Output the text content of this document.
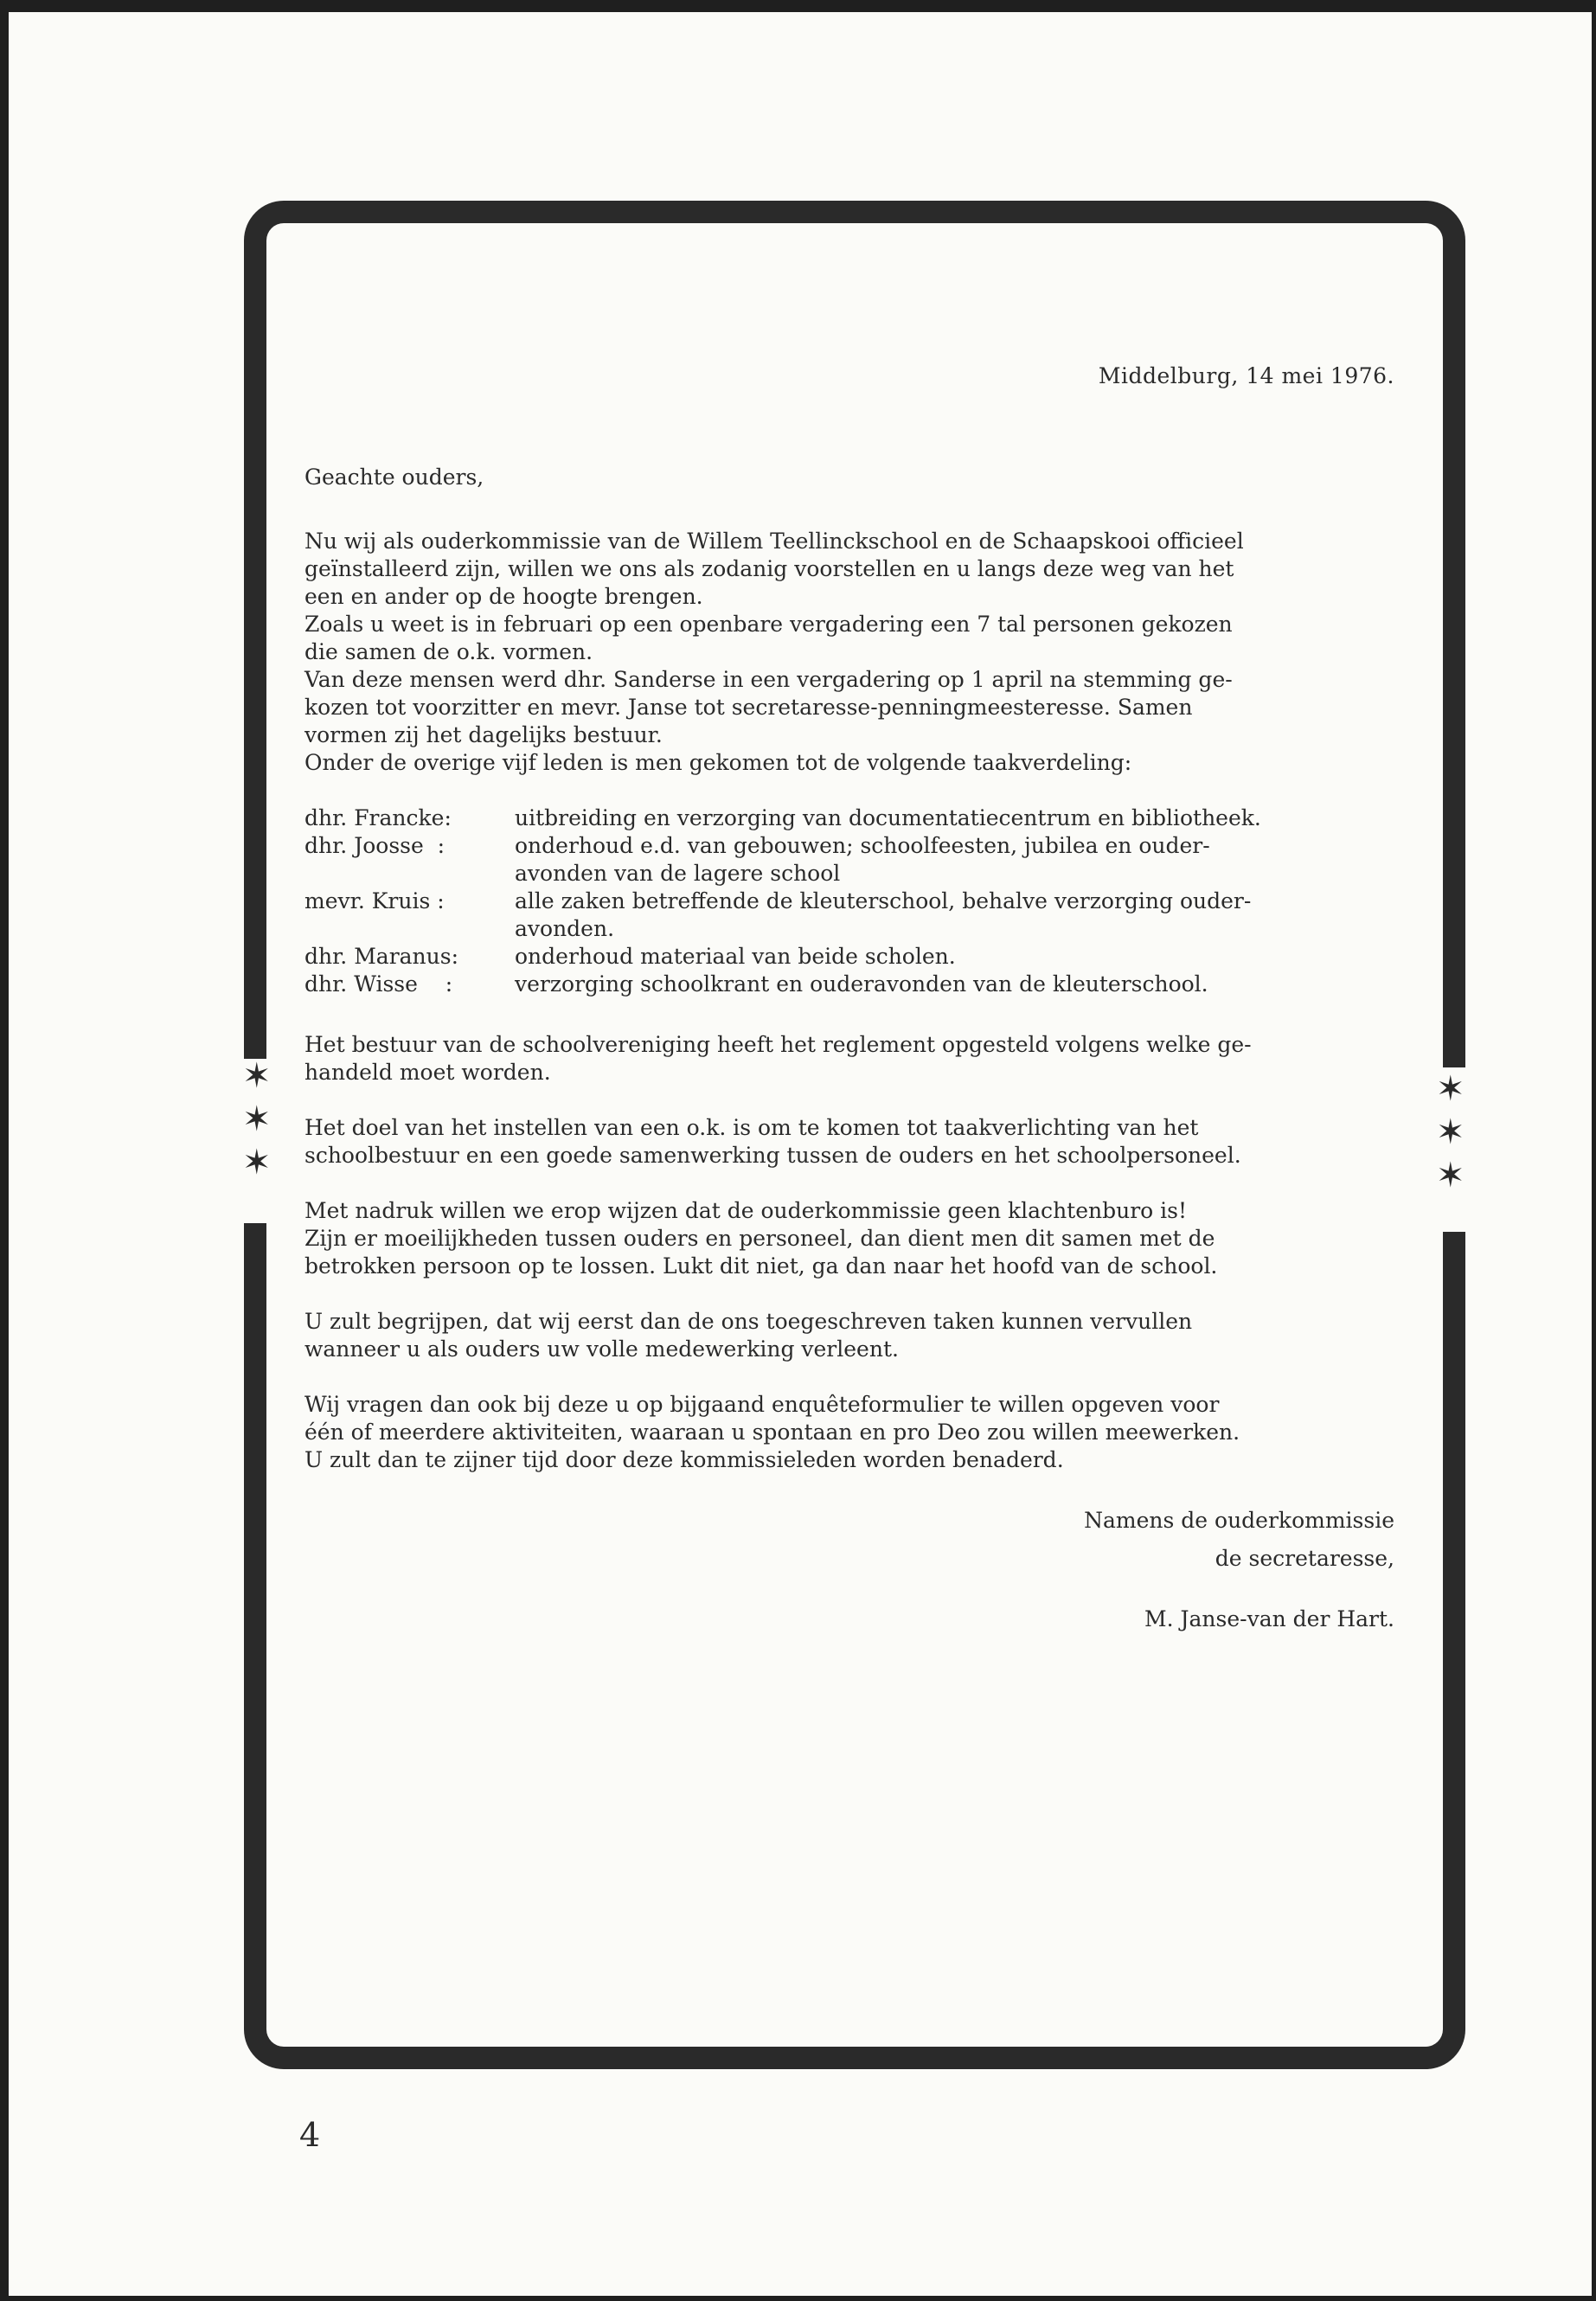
✶
✶
✶
✶
✶
✶
Middelburg, 14 mei 1976.
Geachte ouders,

Nu wij als ouderkommissie van de Willem Teellinckschool en de Schaapskooi officieel

geïnstalleerd zijn, willen we ons als zodanig voorstellen en u langs deze weg van het

een en ander op de hoogte brengen.

Zoals u weet is in februari op een openbare vergadering een 7 tal personen gekozen

die samen de o.k. vormen.

Van deze mensen werd dhr. Sanderse in een vergadering op 1 april na stemming ge-

kozen tot voorzitter en mevr. Janse tot secretaresse-penningmeesteresse. Samen

vormen zij het dagelijks bestuur.

Onder de overige vijf leden is men gekomen tot de volgende taakverdeling:

dhr. Francke:	uitbreiding en verzorging van documentatiecentrum en bibliotheek.

dhr. Joosse  :	onderhoud e.d. van gebouwen; schoolfeesten, jubilea en ouder-

avonden van de lagere school

mevr. Kruis :	alle zaken betreffende de kleuterschool, behalve verzorging ouder-

avonden.

dhr. Maranus:	onderhoud materiaal van beide scholen.

dhr. Wisse    :	verzorging schoolkrant en ouderavonden van de kleuterschool.

Het bestuur van de schoolvereniging heeft het reglement opgesteld volgens welke ge-

handeld moet worden.

Het doel van het instellen van een o.k. is om te komen tot taakverlichting van het

schoolbestuur en een goede samenwerking tussen de ouders en het schoolpersoneel.

Met nadruk willen we erop wijzen dat de ouderkommissie geen klachtenburo is!

Zijn er moeilijkheden tussen ouders en personeel, dan dient men dit samen met de

betrokken persoon op te lossen. Lukt dit niet, ga dan naar het hoofd van de school.

U zult begrijpen, dat wij eerst dan de ons toegeschreven taken kunnen vervullen

wanneer u als ouders uw volle medewerking verleent.

Wij vragen dan ook bij deze u op bijgaand enquêteformulier te willen opgeven voor

één of meerdere aktiviteiten, waaraan u spontaan en pro Deo zou willen meewerken.

U zult dan te zijner tijd door deze kommissieleden worden benaderd.

Namens de ouderkommissie
de secretaresse,
M. Janse-van der Hart.
4
